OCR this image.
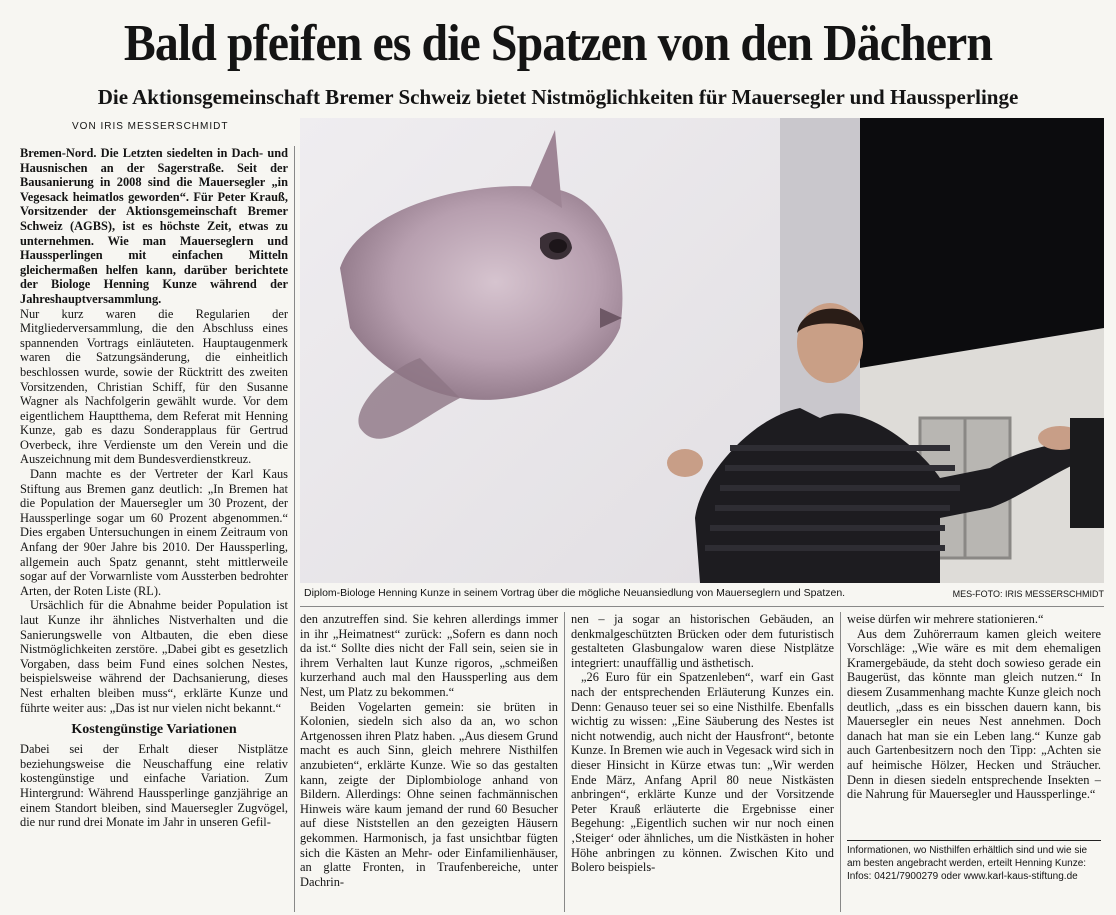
Bald pfeifen es die Spatzen von den Dächern
Die Aktionsgemeinschaft Bremer Schweiz bietet Nistmöglichkeiten für Mauersegler und Haussperlinge
VON IRIS MESSERSCHMIDT

Bremen-Nord. Die Letzten siedelten in Dach- und Hausnischen an der Sagerstraße. Seit der Bausanierung in 2008 sind die Mauersegler „in Vegesack heimatlos geworden“. Für Peter Krauß, Vorsitzender der Aktionsgemeinschaft Bremer Schweiz (AGBS), ist es höchste Zeit, etwas zu unternehmen. Wie man Mauerseglern und Haussperlingen mit einfachen Mitteln gleichermaßen helfen kann, darüber berichtete der Biologe Henning Kunze während der Jahreshauptversammlung.

Nur kurz waren die Regularien der Mitgliederversammlung, die den Abschluss eines spannenden Vortrags einläuteten. Hauptaugenmerk waren die Satzungsänderung, die einheitlich beschlossen wurde, sowie der Rücktritt des zweiten Vorsitzenden, Christian Schiff, für den Susanne Wagner als Nachfolgerin gewählt wurde. Vor dem eigentlichem Hauptthema, dem Referat mit Henning Kunze, gab es dazu Sonderapplaus für Gertrud Overbeck, ihre Verdienste um den Verein und die Auszeichnung mit dem Bundesverdienstkreuz.

Dann machte es der Vertreter der Karl Kaus Stiftung aus Bremen ganz deutlich: „In Bremen hat die Population der Mauersegler um 30 Prozent, der Haussperlinge sogar um 60 Prozent abgenommen.“ Dies ergaben Untersuchungen in einem Zeitraum von Anfang der 90er Jahre bis 2010. Der Haussperling, allgemein auch Spatz genannt, steht mittlerweile sogar auf der Vorwarnliste vom Aussterben bedrohter Arten, der Roten Liste (RL).

Ursächlich für die Abnahme beider Population ist laut Kunze ihr ähnliches Nistverhalten und die Sanierungswelle von Altbauten, die eben diese Nistmöglichkeiten zerstöre. „Dabei gibt es gesetzlich Vorgaben, dass beim Fund eines solchen Nestes, beispielsweise während der Dachsanierung, dieses Nest erhalten bleiben muss“, erklärte Kunze und führte weiter aus: „Das ist nur vielen nicht bekannt.“

Kostengünstige Variationen

Dabei sei der Erhalt dieser Nistplätze beziehungsweise die Neuschaffung eine relativ kostengünstige und einfache Variation. Zum Hintergrund: Während Haussperlinge ganzjährige an einem Standort bleiben, sind Mauersegler Zugvögel, die nur rund drei Monate im Jahr in unseren Gefil-

Diplom-Biologe Henning Kunze in seinem Vortrag über die mögliche Neuansiedlung von Mauerseglern und Spatzen.	MES-FOTO: IRIS MESSERSCHMIDT

den anzutreffen sind. Sie kehren allerdings immer in ihr „Heimatnest“ zurück: „Sofern es dann noch da ist.“ Sollte dies nicht der Fall sein, seien sie in ihrem Verhalten laut Kunze rigoros, „schmeißen kurzerhand auch mal den Haussperling aus dem Nest, um Platz zu bekommen.“

Beiden Vogelarten gemein: sie brüten in Kolonien, siedeln sich also da an, wo schon Artgenossen ihren Platz haben. „Aus diesem Grund macht es auch Sinn, gleich mehrere Nisthilfen anzubieten“, erklärte Kunze. Wie so das gestalten kann, zeigte der Diplombiologe anhand von Bildern. Allerdings: Ohne seinen fachmännischen Hinweis wäre kaum jemand der rund 60 Besucher auf diese Niststellen an den gezeigten Häusern gekommen. Harmonisch, ja fast unsichtbar fügten sich die Kästen an Mehr- oder Einfamilienhäuser, an glatte Fronten, in Traufenbereiche, unter Dachrin-

nen – ja sogar an historischen Gebäuden, an denkmalgeschützten Brücken oder dem futuristisch gestalteten Glasbungalow waren diese Nistplätze integriert: unauffällig und ästhetisch.

„26 Euro für ein Spatzenleben“, warf ein Gast nach der entsprechenden Erläuterung Kunzes ein. Denn: Genauso teuer sei so eine Nisthilfe. Ebenfalls wichtig zu wissen: „Eine Säuberung des Nestes ist nicht notwendig, auch nicht der Hausfront“, betonte Kunze. In Bremen wie auch in Vegesack wird sich in dieser Hinsicht in Kürze etwas tun: „Wir werden Ende März, Anfang April 80 neue Nistkästen anbringen“, erklärte Kunze und der Vorsitzende Peter Krauß erläuterte die Ergebnisse einer Begehung: „Eigentlich suchen wir nur noch einen ‚Steiger‘ oder ähnliches, um die Nistkästen in hoher Höhe anbringen zu können. Zwischen Kito und Bolero beispiels-

weise dürfen wir mehrere stationieren.“

Aus dem Zuhörerraum kamen gleich weitere Vorschläge: „Wie wäre es mit dem ehemaligen Kramergebäude, da steht doch sowieso gerade ein Baugerüst, das könnte man gleich nutzen.“ In diesem Zusammenhang machte Kunze gleich noch deutlich, „dass es ein bisschen dauern kann, bis Mauersegler ein neues Nest annehmen. Doch danach hat man sie ein Leben lang.“ Kunze gab auch Gartenbesitzern noch den Tipp: „Achten sie auf heimische Hölzer, Hecken und Sträucher. Denn in diesen siedeln entsprechende Insekten – die Nahrung für Mauersegler und Haussperlinge.“

Informationen, wo Nisthilfen erhältlich sind und wie sie am besten angebracht werden, erteilt Henning Kunze: Infos: 0421/7900279 oder www.karl-kaus-stiftung.de
